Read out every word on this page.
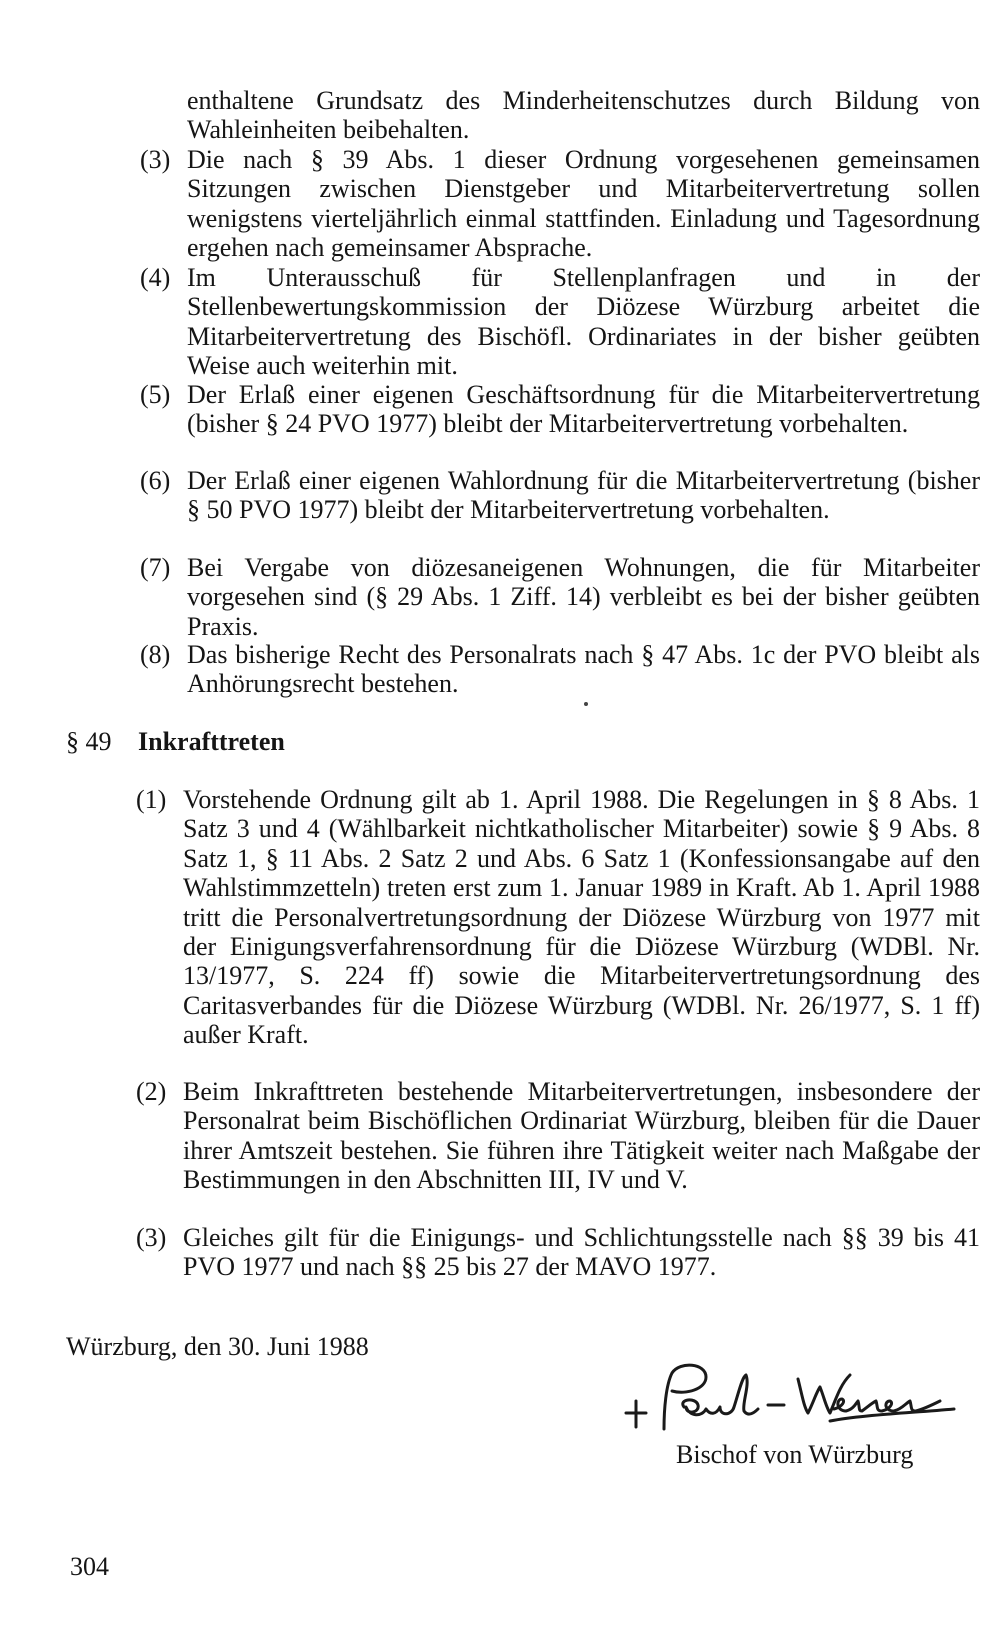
enthaltene Grundsatz des Minderheitenschutzes durch Bildung von Wahleinheiten beibehalten.
(3) Die nach § 39 Abs. 1 dieser Ordnung vorgesehenen gemeinsamen Sitzungen zwischen Dienstgeber und Mitarbeitervertretung sollen wenigstens vierteljährlich einmal stattfinden. Einladung und Tagesordnung ergehen nach gemeinsamer Absprache.
(4) Im Unterausschuß für Stellenplanfragen und in der Stellenbewertungskommission der Diözese Würzburg arbeitet die Mitarbeitervertretung des Bischöfl. Ordinariates in der bisher geübten Weise auch weiterhin mit.
(5) Der Erlaß einer eigenen Geschäftsordnung für die Mitarbeitervertretung (bisher § 24 PVO 1977) bleibt der Mitarbeitervertretung vorbehalten.
(6) Der Erlaß einer eigenen Wahlordnung für die Mitarbeitervertretung (bisher § 50 PVO 1977) bleibt der Mitarbeitervertretung vorbehalten.
(7) Bei Vergabe von diözesaneigenen Wohnungen, die für Mitarbeiter vorgesehen sind (§ 29 Abs. 1 Ziff. 14) verbleibt es bei der bisher geübten Praxis.
(8) Das bisherige Recht des Personalrats nach § 47 Abs. 1c der PVO bleibt als Anhörungsrecht bestehen.
§ 49 Inkrafttreten
(1) Vorstehende Ordnung gilt ab 1. April 1988. Die Regelungen in § 8 Abs. 1 Satz 3 und 4 (Wählbarkeit nichtkatholischer Mitarbeiter) sowie § 9 Abs. 8 Satz 1, § 11 Abs. 2 Satz 2 und Abs. 6 Satz 1 (Konfessionsangabe auf den Wahlstimmzetteln) treten erst zum 1. Januar 1989 in Kraft. Ab 1. April 1988 tritt die Personalvertretungsordnung der Diözese Würzburg von 1977 mit der Einigungsverfahrensordnung für die Diözese Würzburg (WDBl. Nr. 13/1977, S. 224 ff) sowie die Mitarbeitervertretungsordnung des Caritasverbandes für die Diözese Würzburg (WDBl. Nr. 26/1977, S. 1 ff) außer Kraft.
(2) Beim Inkrafttreten bestehende Mitarbeitervertretungen, insbesondere der Personalrat beim Bischöflichen Ordinariat Würzburg, bleiben für die Dauer ihrer Amtszeit bestehen. Sie führen ihre Tätigkeit weiter nach Maßgabe der Bestimmungen in den Abschnitten III, IV und V.
(3) Gleiches gilt für die Einigungs- und Schlichtungsstelle nach §§ 39 bis 41 PVO 1977 und nach §§ 25 bis 27 der MAVO 1977.
Würzburg, den 30. Juni 1988
Bischof von Würzburg
304
